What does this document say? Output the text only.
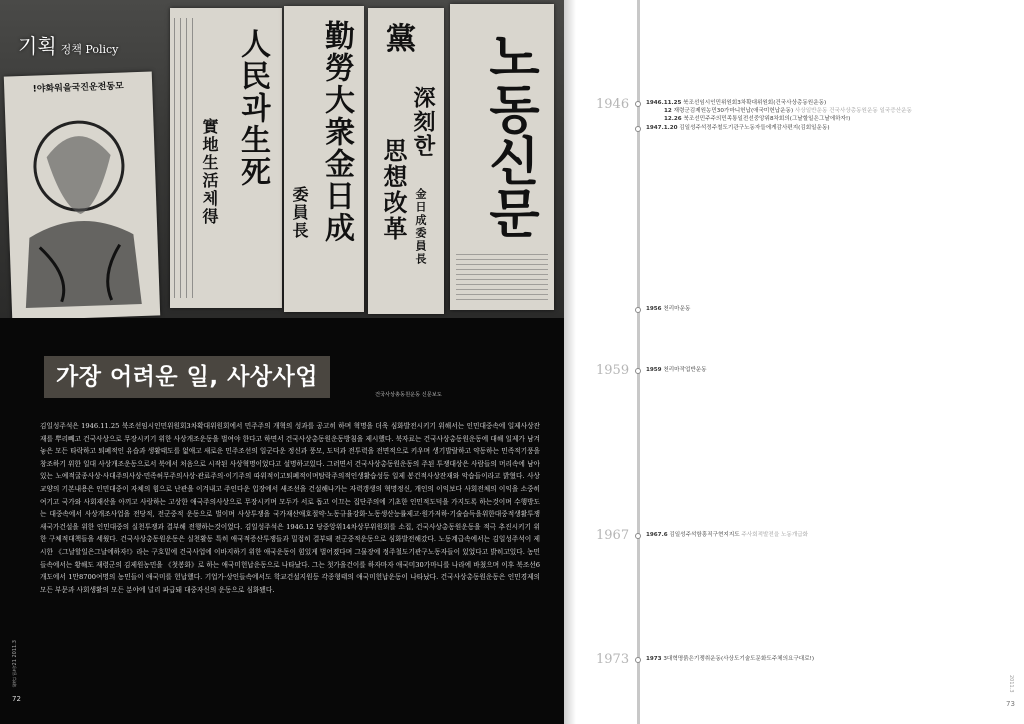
!야화워을국진운전동모	人民과生死
實地生活체得	勤勞大衆金日成
委員長
黨
深刻한
思想改革 金日成委員長 노동신문
기획 정책 Policy
가장 어려운 일, 사상사업
건국사상총동원운동 신문보도
김일성주석은 1946.11.25 북조선임시인민위원회3차확대위원회에서 민주주의 개혁의 성과를 공고히 하며 혁명을 더욱 심화발전시키기 위해서는 인민대중속에 일제사상잔재를 뿌리빼고 건국사상으로 무장시키기 위한 사상개조운동을 벌여야 한다고 하면서 건국사상총동원운동방침을 제시했다. 북자료는 건국사상총동원운동에 대해 일제가 남겨놓은 모든 타락하고 퇴폐적인 유습과 생활태도를 없애고 새로운 민주조선의 일군다운 정신과 풍모, 도덕과 전투력을 전면적으로 키우며 생기발랄하고 약동하는 민족적기풍을 창조하기 위한 일대 사상개조운동으로서 북에서 처음으로 시작된 사상혁명이었다고 설명하고있다. 그러면서 건국사상총동원운동의 주된 투쟁대상은 사람들의 머리속에 남아있는 노예적굴종사상·사대주의사상·민족허무주의사상·관료주의·이기주의 따위적이고퇴폐적이며탐락주의적인생활습성등 일제 봉건적사상잔재와 악습들이라고 밝혔다. 사상교양의 기본내용은 인민대중이 자체의 힘으로 난관을 이겨내고 주인다운 입장에서 새조선을 건설해나가는 자력갱생의 혁명정신, 개인의 이익보다 사회전체의 이익을 소중히 여기고 국가와 사회재산을 아끼고 사랑하는 고상한 애국주의사상으로 무장시키며 모두가 서로 돕고 이끄는 집단주의에 기초한 인민적도덕을 가지도록 하는것이며 수행방도는 대중속에서 사상개조사업을 전당적, 전군중적 운동으로 벌이며 사상투쟁을 국가재산애호절약·노동규율강화·노동생산능률제고·원가저하·기술습득을위한대중적생활투쟁 새국가건설을 위한 인민대중의 실천투쟁과 결부해 전행하는것이었다. 김일성주석은 1946.12 당중앙위14차상무위원회를 소집, 건국사상총동원운동을 적극 추진시키기 위한 구체적대책들을 세웠다. 건국사상총동원운동은 실천활동 특히 애국적증산투쟁들과 밀접히 결부돼 전군중적운동으로 심화발전해갔다. 노동계급속에서는 김일성주석이 제시한 《그날할일은그날에하자!》라는 구호밑에 건국사업에 이바지하기 위한 애국운동이 힘있게 벌어졌다며 그물장에 정주철도기관구노동자들이 있었다고 밝히고있다. 농민들속에서는 황해도 재령군의 김제원농민을 《첫봉화》로 하는 애국미헌납운동으로 나타났다. 그는 첫가을건이를 하자마자 애국미30가마니를 나라에 바쳤으며 이후 북조선6개도에서 1만8700여명의 농민들이 애국미를 헌납했다. 기업가·상인들속에서도 학교건설지원등 각종형태의 애국미헌납운동이 나타났다. 건국사상총동원운동은 인민경제의 모든 부문과 사회생활의 모든 분야에 널리 파급돼 대중자신의 운동으로 심화됐다.
월간 민족21 2011.3
72
1946	1946.11.25 북조선임시인민위원회3차확대위원회(건국사상총동원운동)
12 재령군김제원농민30가마니헌납(애국미헌납운동) 사상일반운동 건국사상총동원운동 일국증산운동
12.26 북조선민주주의민족통일전선중앙위8차회의(그날할일은그날에하자!)
1947.1.20 김일성주석정주철도기관구노동자들에게감사편지(김회일운동)
1956 천리마운동
1959	1959 천리마작업반운동
1967	1967.6 김일성주석함흥직구현지지도 주사회적발전을 노동개급화
1973	1973 3대혁명붉은기쟁취운동(사상도기술도문화도주체의요구대로!)
2011.3
73
